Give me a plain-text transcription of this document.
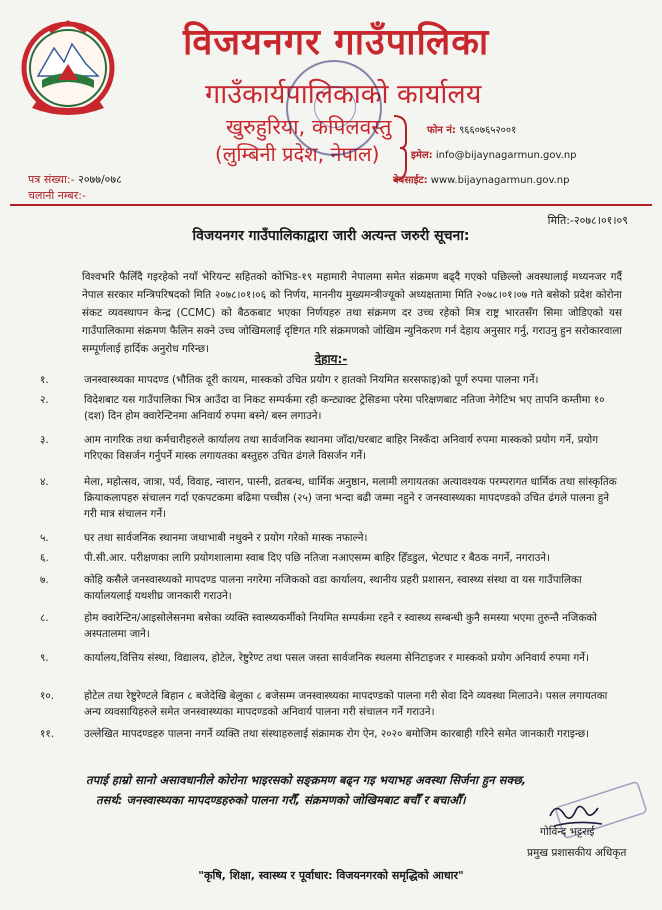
विजयनगर गाउँपालिका
गाउँकार्यपालिकाको कार्यालय
खुरुहुरिया, कपिलवस्तु
(लुम्बिनी प्रदेश, नेपाल)
फोन नं: ९६६०७६५२००१
इमेल: info@bijaynagarmun.gov.np
वेबसाईट: www.bijaynagarmun.gov.np
पत्र संख्या:- २०७७/०७८
चलानी नम्बर:-
मिति:-२०७८।०१।०९
विजयनगर गाउँपालिकाद्वारा जारी अत्यन्त जरुरी सूचना:
विश्वभरि फैलिँदै गइरहेको नयाँ भेरियन्ट सहितको कोभिड-१९ महामारी नेपालमा समेत संक्रमण बढ्दै गएको पछिल्लो अवस्थालाई मध्यनजर गर्दै नेपाल सरकार मन्त्रिपरिषदको मिति २०७८।०१।०६ को निर्णय, माननीय मुख्यमन्त्रीज्यूको अध्यक्षतामा मिति २०७८।०१।०७ गते बसेको प्रदेश कोरोना संकट व्यवस्थापन केन्द्र (CCMC) को बैठकबाट भएका निर्णयहरु तथा संक्रमण दर उच्च रहेको मित्र राष्ट्र भारतसँग सिमा जोडिएको यस गाउँपालिकामा संक्रमण फैलिन सक्ने उच्च जोखिमलाई दृष्टिगत गरि संक्रमणको जोखिम न्युनिकरण गर्न देहाय अनुसार गर्नु, गराउनु हुन सरोकारवाला सम्पूर्णलाई हार्दिक अनुरोध गरिन्छ।
देहाय:-
१.	जनस्वास्थ्यका मापदण्ड (भौतिक दूरी कायम, मास्कको उचित प्रयोग र हातको नियमित सरसफाइ)को पूर्ण रुपमा पालना गर्ने।
२.	विदेशबाट यस गाउँपालिका भित्र आउँदा वा निकट सम्पर्कमा रही कन्ट्याक्ट ट्रेसिङमा परेमा परिक्षणबाट नतिजा नेगेटिभ भए तापनि कम्तीमा १० (दश) दिन होम क्वारेन्टिनमा अनिवार्य रुपमा बस्ने/ बस्न लगाउने।
३.	आम नागरिक तथा कर्मचारीहरुले कार्यालय तथा सार्वजनिक स्थानमा जाँदा/घरबाट बाहिर निस्कँदा अनिवार्य रुपमा मास्कको प्रयोग गर्ने, प्रयोग गरिएका विसर्जन गर्नुपर्ने मास्क लगायतका बस्तुहरु उचित ढंगले विसर्जन गर्ने।
४.	मेला, महोत्सव, जात्रा, पर्व, विवाह, न्वारान, पास्नी, व्रतबन्ध, धार्मिक अनुष्ठान, मलामी लगायतका अत्यावश्यक परम्परागत धार्मिक तथा सांस्कृतिक क्रियाकलापहरु संचालन गर्दा एकपटकमा बढिमा पच्चीस (२५) जना भन्दा बढी जम्मा नहुने र जनस्वास्थ्यका मापदण्डको उचित ढंगले पालना हुने गरी मात्र संचालन गर्ने।
५.	घर तथा सार्वजनिक स्थानमा जथाभाबी नथुक्ने र प्रयोग गरेको मास्क नफाल्ने।
६.	पी.सी.आर. परीक्षणका लागि प्रयोगशालामा स्वाब दिए पछि नतिजा नआएसम्म बाहिर हिँडडुल, भेटघाट र बैठक नगर्ने, नगराउने।
७.	कोहि कसैले जनस्वास्थ्यको मापदण्ड पालना नगरेमा नजिकको वडा कार्यालय, स्थानीय प्रहरी प्रशासन, स्वास्थ्य संस्था वा यस गाउँपालिका कार्यालयलाई यथशीघ्र जानकारी गराउने।
८.	होम क्वारेन्टिन/आइसोलेसनमा बसेका व्यक्ति स्वास्थ्यकर्मीको नियमित सम्पर्कमा रहने र स्वास्थ्य सम्बन्धी कुनै समस्या भएमा तुरुन्तै नजिकको अस्पतालमा जाने।
९.	कार्यालय,वित्तिय संस्था, विद्यालय, होटेल, रेष्टुरेण्ट तथा पसल जस्ता सार्वजनिक स्थलमा सेनिटाइजर र मास्कको प्रयोग अनिवार्य रुपमा गर्ने।
१०.	होटेल तथा रेष्टुरेण्टले बिहान ८ बजेदेखि बेलुका ८ बजेसम्म जनस्वास्थ्यका मापदण्डको पालना गरी सेवा दिने व्यवस्था मिलाउने। पसल लगायतका अन्य व्यवसायिहरुले समेत जनस्वास्थ्यका मापदण्डको अनिवार्य पालना गरी संचालन गर्ने गराउने।
११.	उल्लेखित मापदण्डहरु पालना नगर्ने व्यक्ति तथा संस्थाहरुलाई संक्रामक रोग ऐन, २०२० बमोजिम कारबाही गरिने समेत जानकारी गराइन्छ।
तपाई हाम्रो सानो असावधानीले कोरोना भाइरसको सङ्क्रमण बढ्न गइ भयाभह अवस्था सिर्जना हुन सक्छ,
तसर्थ: जनस्वास्थ्यका मापदण्डहरुको पालना गरौँ, संक्रमणको जोखिमबाट बचौँ र बचाऔँ।
गोविन्द भट्टराई
प्रमुख प्रशासकीय अधिकृत
"कृषि, शिक्षा, स्वास्थ्य र पूर्वाधार: विजयनगरको समृद्धिको आधार"
